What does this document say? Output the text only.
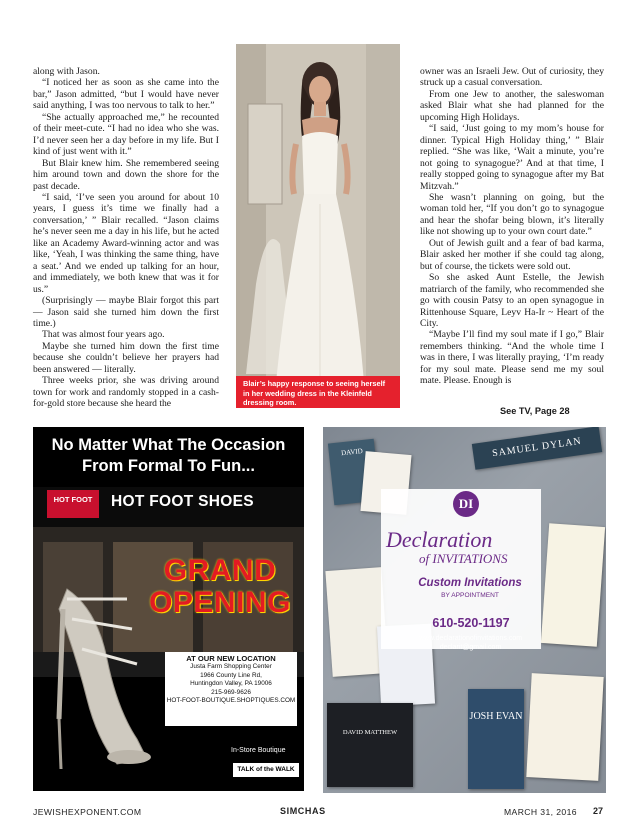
along with Jason.

“I noticed her as soon as she came into the bar,” Jason admitted, “but I would have never said anything, I was too nervous to talk to her.”

“She actually approached me,” he recounted of their meet-cute. “I had no idea who she was. I’d never seen her a day before in my life. But I kind of just went with it.”

But Blair knew him. She remembered seeing him around town and down the shore for the past decade.

“I said, ‘I’ve seen you around for about 10 years, I guess it’s time we finally had a conversation,’ ” Blair recalled. “Jason claims he’s never seen me a day in his life, but he acted like an Academy Award-winning actor and was like, ‘Yeah, I was thinking the same thing, have a seat.’ And we ended up talking for an hour, and immediately, we both knew that was it for us.”

(Surprisingly — maybe Blair forgot this part — Jason said she turned him down the first time.)

That was almost four years ago.

Maybe she turned him down the first time because she couldn’t believe her prayers had been answered — literally.

Three weeks prior, she was driving around town for work and randomly stopped in a cash-for-gold store because she heard the

Blair’s happy response to seeing herself in her wedding dress in the Kleinfeld dressing room.

owner was an Israeli Jew. Out of curiosity, they struck up a casual conversation.

From one Jew to another, the saleswoman asked Blair what she had planned for the upcoming High Holidays.

“I said, ‘Just going to my mom’s house for dinner. Typical High Holiday thing,’ ” Blair replied. “She was like, ‘Wait a minute, you’re not going to synagogue?’ And at that time, I really stopped going to synagogue after my Bat Mitzvah.”

She wasn’t planning on going, but the woman told her, “If you don’t go to synagogue and hear the shofar being blown, it’s literally like not showing up to your own court date.”

Out of Jewish guilt and a fear of bad karma, Blair asked her mother if she could tag along, but of course, the tickets were sold out.

So she asked Aunt Estelle, the Jewish matriarch of the family, who recommended she go with cousin Patsy to an open synagogue in Rittenhouse Square, Leyv Ha-Ir ~ Heart of the City.

“Maybe I’ll find my soul mate if I go,” Blair remembers thinking. “And the whole time I was in there, I was literally praying, ‘I’m ready for my soul mate. Please send me my soul mate. Please. Enough is

See TV, Page 28
No Matter What The Occasion
From Formal To Fun...
HOT FOOT	HOT FOOT SHOES
GRAND
OPENING
AT OUR NEW LOCATION
Justa Farm Shopping Center
1966 County Line Rd,
Huntingdon Valley, PA 19006
215-969-9626
HOT-FOOT-BOUTIQUE.SHOPTIQUES.COM
In-Store Boutique
TALK of the WALK
SAMUEL DYLAN
DAVID
DAVID MATTHEW
JOSH EVAN
DI
Declaration
of INVITATIONS
Custom Invitations
BY APPOINTMENT
610-520-1197
www.declarationofinvitations.com
declarit@gmail.com
JEWISHEXPONENT.COM	SIMCHAS	MARCH 31, 2016 27
